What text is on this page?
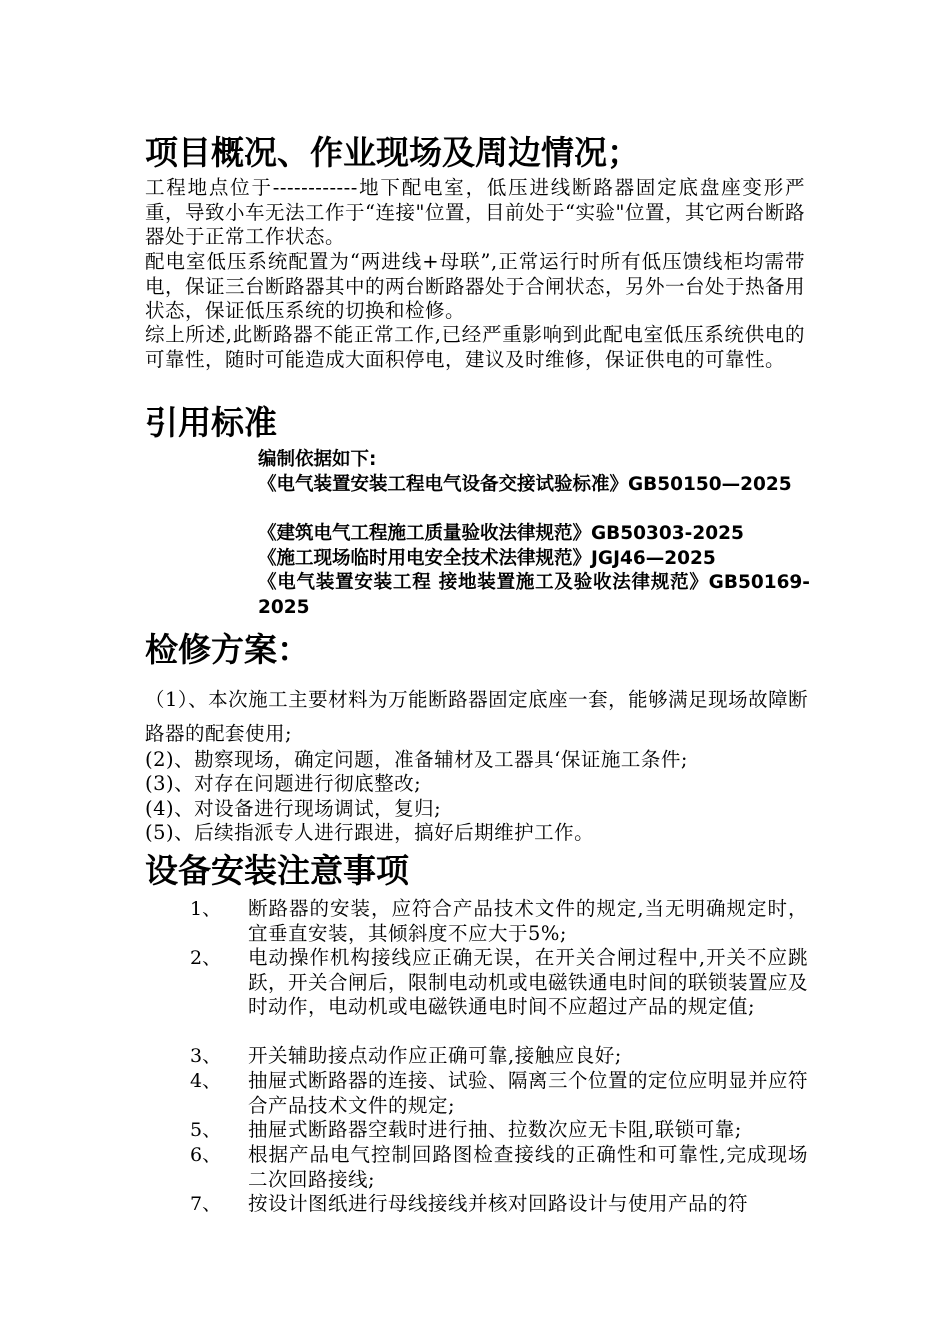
项目概况、作业现场及周边情况；
工程地点位于------------地下配电室，低压进线断路器固定底盘座变形严重，导致小车无法工作于“连接"位置，目前处于“实验"位置，其它两台断路器处于正常工作状态。
配电室低压系统配置为“两进线+母联”,正常运行时所有低压馈线柜均需带电，保证三台断路器其中的两台断路器处于合闸状态，另外一台处于热备用状态，保证低压系统的切换和检修。
综上所述,此断路器不能正常工作,已经严重影响到此配电室低压系统供电的可靠性，随时可能造成大面积停电，建议及时维修，保证供电的可靠性。
引用标准
编制依据如下:
《电气装置安装工程电气设备交接试验标准》GB50150—2025
《建筑电气工程施工质量验收法律规范》GB50303-2025
《施工现场临时用电安全技术法律规范》JGJ46—2025
《电气装置安装工程 接地装置施工及验收法律规范》GB50169-2025
检修方案：
（1）、本次施工主要材料为万能断路器固定底座一套，能够满足现场故障断路器的配套使用;
(2)、勘察现场，确定问题，准备辅材及工器具‘保证施工条件;
(3)、对存在问题进行彻底整改;
(4)、对设备进行现场调试，复归;
(5)、后续指派专人进行跟进，搞好后期维护工作。
设备安装注意事项
1、	断路器的安装，应符合产品技术文件的规定,当无明确规定时，宜垂直安装，其倾斜度不应大于5%;
2、	电动操作机构接线应正确无误，在开关合闸过程中,开关不应跳跃，开关合闸后，限制电动机或电磁铁通电时间的联锁装置应及时动作，电动机或电磁铁通电时间不应超过产品的规定值;
3、	开关辅助接点动作应正确可靠,接触应良好;
4、	抽屉式断路器的连接、试验、隔离三个位置的定位应明显并应符合产品技术文件的规定;
5、	抽屉式断路器空载时进行抽、拉数次应无卡阻,联锁可靠;
6、	根据产品电气控制回路图检查接线的正确性和可靠性,完成现场二次回路接线;
7、	按设计图纸进行母线接线并核对回路设计与使用产品的符
